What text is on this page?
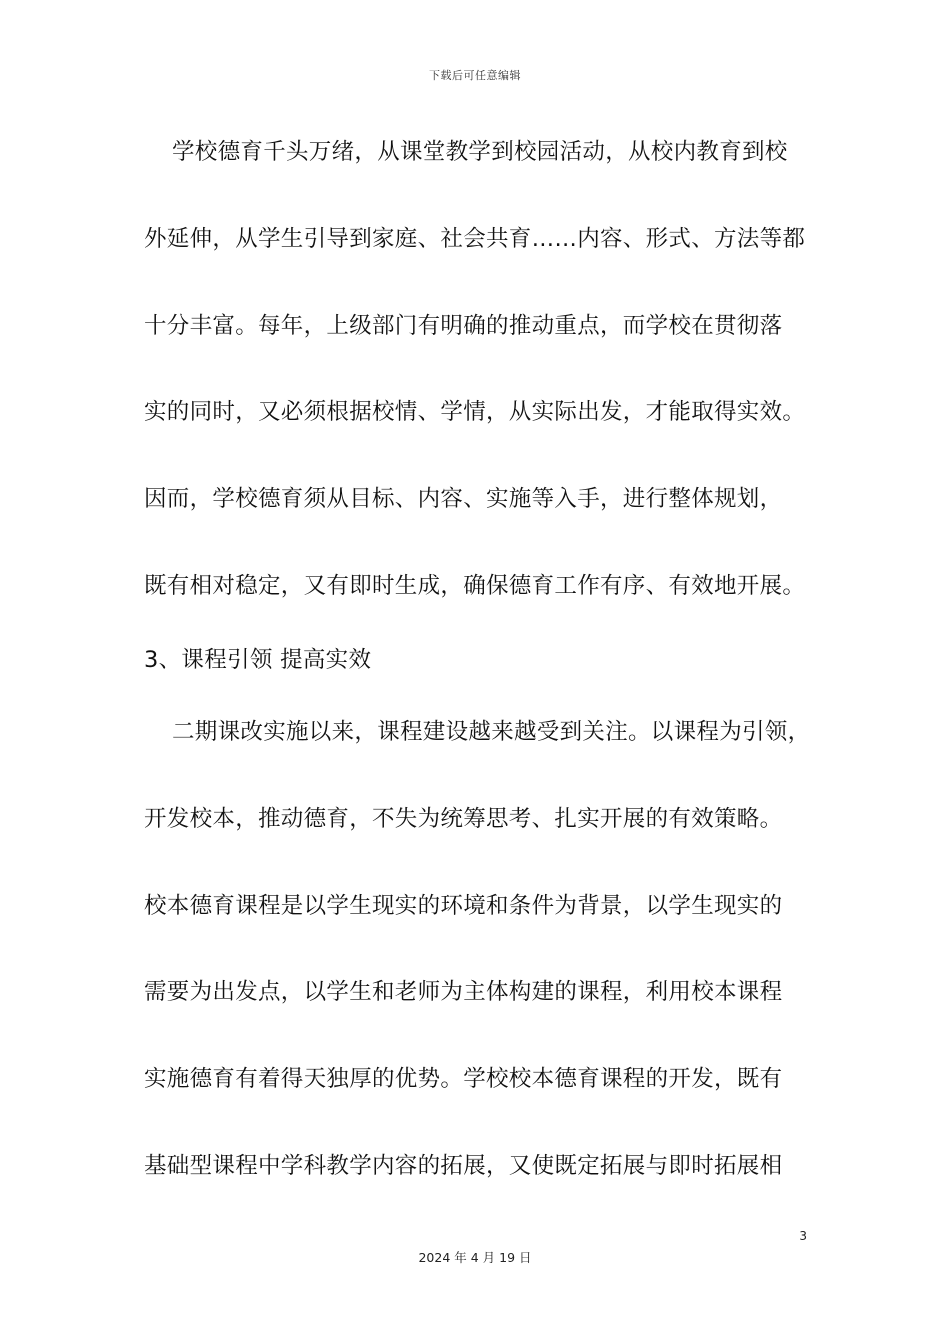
下载后可任意编辑
学校德育千头万绪，从课堂教学到校园活动，从校内教育到校
外延伸，从学生引导到家庭、社会共育……内容、形式、方法等都
十分丰富。每年，上级部门有明确的推动重点，而学校在贯彻落
实的同时，又必须根据校情、学情，从实际出发，才能取得实效。
因而，学校德育须从目标、内容、实施等入手，进行整体规划，
既有相对稳定，又有即时生成，确保德育工作有序、有效地开展。
3、课程引领 提高实效
二期课改实施以来，课程建设越来越受到关注。以课程为引领，
开发校本，推动德育，不失为统筹思考、扎实开展的有效策略。
校本德育课程是以学生现实的环境和条件为背景，以学生现实的
需要为出发点，以学生和老师为主体构建的课程，利用校本课程
实施德育有着得天独厚的优势。学校校本德育课程的开发，既有
基础型课程中学科教学内容的拓展，又使既定拓展与即时拓展相
3
2024 年 4 月 19 日
